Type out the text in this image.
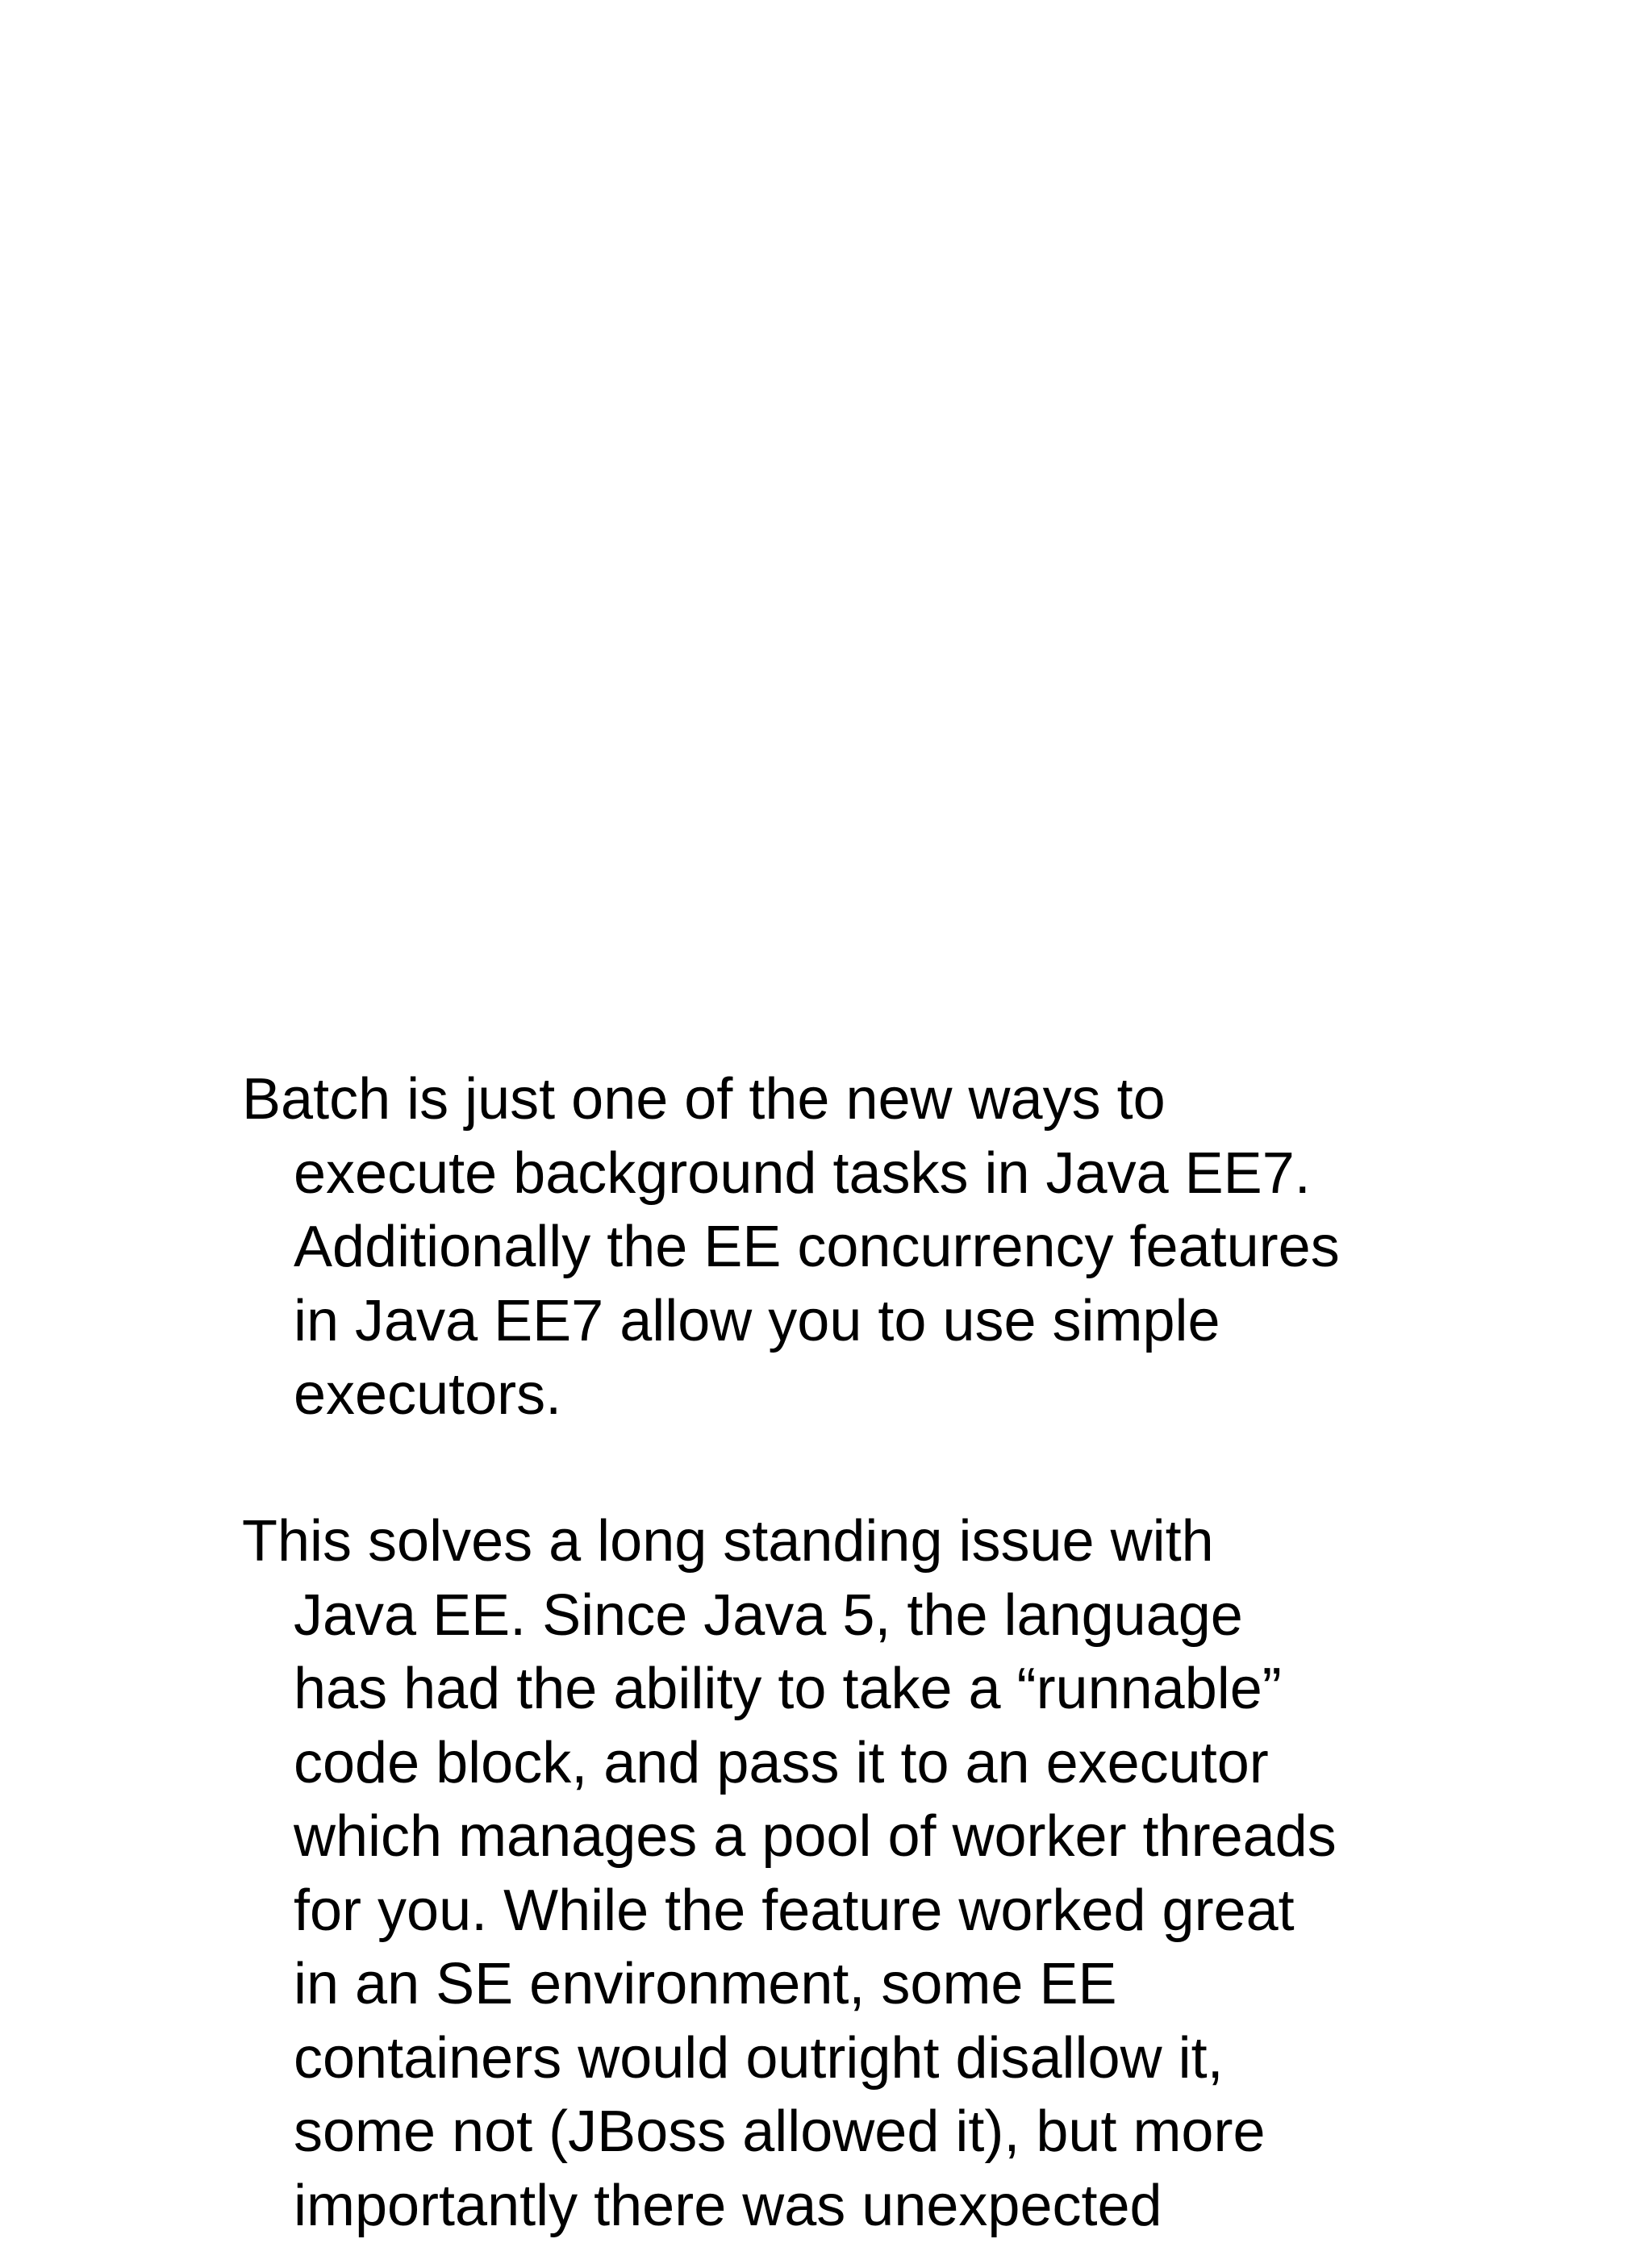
Batch is just one of the new ways to
execute background tasks in Java EE7.
Additionally the EE concurrency features
in Java EE7 allow you to use simple
executors.

This solves a long standing issue with
Java EE. Since Java 5, the language
has had the ability to take a “runnable”
code block, and pass it to an executor
which manages a pool of worker threads
for you. While the feature worked great
in an SE environment, some EE
containers would outright disallow it,
some not (JBoss allowed it), but more
importantly there was unexpected
